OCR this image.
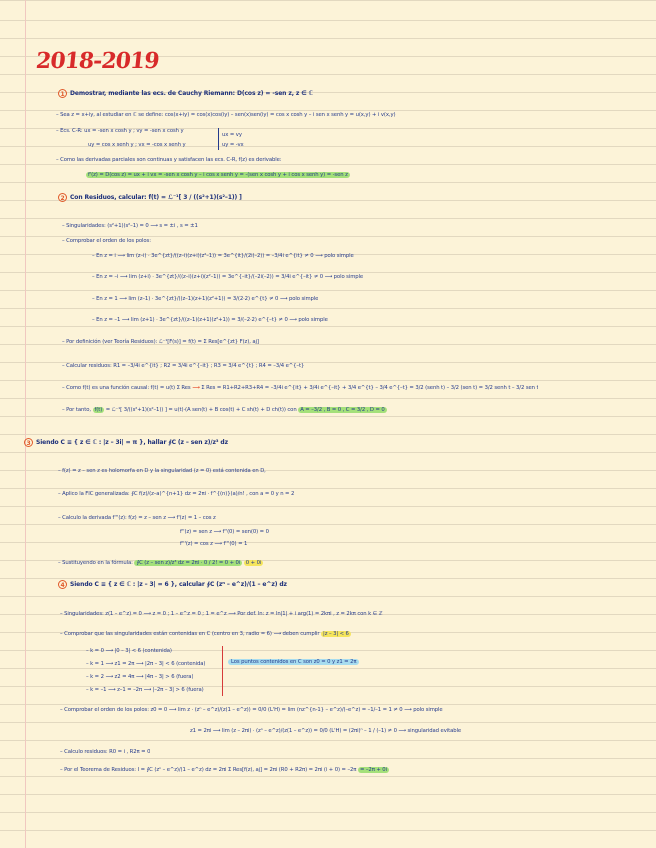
2018-2019
1 Demostrar, mediante las ecs. de Cauchy Riemann: D(cos z) = -sen z, z ∈ ℂ
– Sea z = x+iy, al estudiar en ℂ se define: cos(x+iy) = cos(x)cos(iy) – sen(x)sen(iy) = cos x cosh y – i sen x senh y = u(x,y) + i v(x,y)
– Ecs. C-R: ux = -sen x cosh y ; vy = -sen x cosh y
uy = cos x senh y ; vx = -cos x senh y
ux = vy
uy = -vx
– Como las derivadas parciales son continuas y satisfacen las ecs. C-R, f(z) es derivable:
f'(z) = D(cos z) = ux + i vx = -sen x cosh y – i cos x senh y = -(sen x cosh y + i cos x senh y) = -sen z
2 Con Residuos, calcular: f(t) = ℒ⁻¹[ 3 / ((s²+1)(s²–1)) ]
– Singularidades: (s²+1)(s²–1) = 0 ⟶ s = ±i , s = ±1
– Comprobar el orden de los polos:
– En z = i ⟶ lim (z–i) · 3e^{zt}/((z–i)(z+i)(z²–1)) = 3e^{it}/(2i(–2)) = –3/4i e^{it} ≠ 0 ⟶ polo simple
– En z = –i ⟶ lim (z+i) · 3e^{zt}/((z–i)(z+i)(z²–1)) = 3e^{–it}/(–2i(–2)) = 3/4i e^{–it} ≠ 0 ⟶ polo simple
– En z = 1 ⟶ lim (z–1) · 3e^{zt}/((z–1)(z+1)(z²+1)) = 3/(2·2) e^{t} ≠ 0 ⟶ polo simple
– En z = –1 ⟶ lim (z+1) · 3e^{zt}/((z–1)(z+1)(z²+1)) = 3/(–2·2) e^{–t} ≠ 0 ⟶ polo simple
– Por definición (ver Teoría Residuos): ℒ⁻¹[F(s)] = f(t) = Σ Res[e^{zt} F(z), aj]
– Calcular residuos: R1 = –3/4i e^{it} ; R2 = 3/4i e^{–it} ; R3 = 3/4 e^{t} ; R4 = –3/4 e^{–t}
– Como f(t) es una función causal: f(t) = u(t) Σ Res ⟶ Σ Res = R1+R2+R3+R4 = –3/4i e^{it} + 3/4i e^{–it} + 3/4 e^{t} – 3/4 e^{–t} = 3/2 (senh t) – 3/2 (sen t) = 3/2 senh t – 3/2 sen t
– Por tanto, f(t) = ℒ⁻¹[ 3/((s²+1)(s²–1)) ] = u(t)·(A sen(t) + B cos(t) + C sh(t) + D ch(t)) con A = –3/2 , B = 0 , C = 3/2 , D = 0
3 Siendo C ≡ { z ∈ ℂ : |z – 3i| = π }, hallar ∮C (z – sen z)/z³ dz
– f(z) = z – sen z es holomorfa en D y la singularidad (z = 0) está contenida en D,
– Aplico la FIC generalizada: ∮C f(z)/(z–a)^{n+1} dz = 2πi · f^{(n)}(a)/n! , con a = 0 y n = 2
– Calculo la derivada f'''(z): f(z) = z – sen z ⟶ f'(z) = 1 – cos z
f''(z) = sen z ⟶ f''(0) = sen(0) = 0
f'''(z) = cos z ⟶ f'''(0) = 1
– Sustituyendo en la fórmula: ∮C (z – sen z)/z³ dz = 2πi · 0 / 2! = 0 + 0i 0 + 0i
4 Siendo C ≡ { z ∈ ℂ : |z – 3| = 6 }, calcular ∮C (zⁿ – e^z)/(1 – e^z) dz
– Singularidades: z(1 – e^z) = 0 ⟶ z = 0 ; 1 – e^z = 0 ; 1 = e^z ⟶ Por def. ln: z = ln|1| + i arg(1) = 2kπi , z = 2kπ con k ∈ ℤ
– Comprobar que las singularidades están contenidas en C (centro en 3, radio = 6) ⟶ deben cumplir |z – 3| < 6
– k = 0 ⟶ |0 – 3| < 6 (contenida)
– k = 1 ⟶ z1 = 2π ⟶ |2π – 3| < 6 (contenida)
– k = 2 ⟶ z2 = 4π ⟶ |4π – 3| > 6 (fuera)
– k = –1 ⟶ z–1 = –2π ⟶ |–2π – 3| > 6 (fuera)
Los puntos contenidos en C son z0 = 0 y z1 = 2π
– Comprobar el orden de los polos: z0 = 0 ⟶ lim z · (zⁿ – e^z)/(z(1 – e^z)) = 0/0 (L'H) = lim (nz^{n-1} – e^z)/(–e^z) = –1/–1 = 1 ≠ 0 ⟶ polo simple
z1 = 2πi ⟶ lim (z – 2πi) · (zⁿ – e^z)/(z(1 – e^z)) = 0/0 (L'H) = (2πi)ⁿ – 1 / (–1) ≠ 0 ⟶ singularidad evitable
– Calculo residuos: R0 = i , R2π = 0
– Por el Teorema de Residuos: I = ∮C (zⁿ – e^z)/(1 – e^z) dz = 2πi Σ Res[f(z), aj] = 2πi (R0 + R2π) = 2πi (i + 0) = –2π = –2π + 0i
